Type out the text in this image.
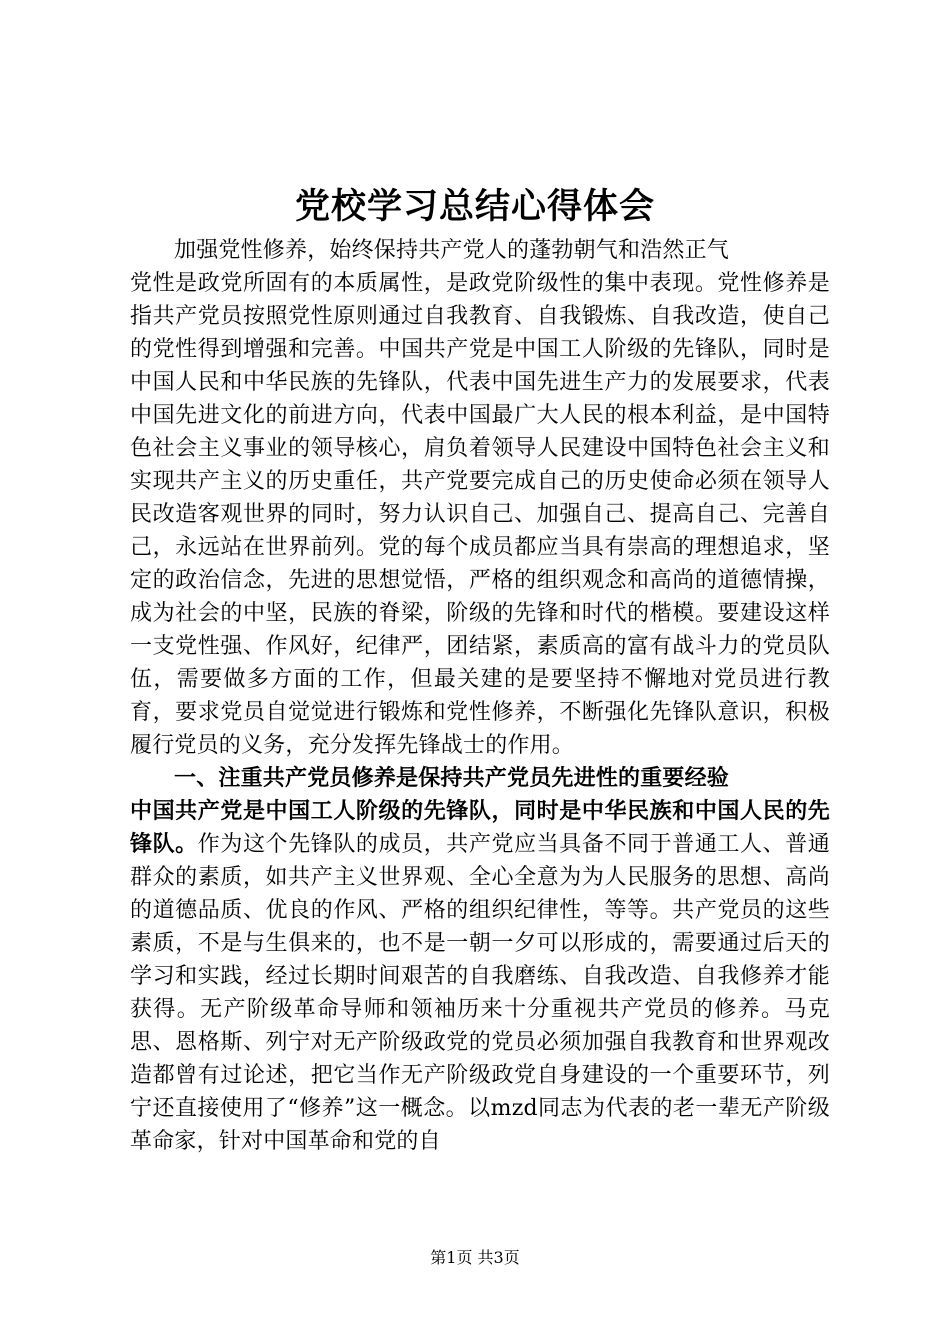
党校学习总结心得体会

加强党性修养，始终保持共产党人的蓬勃朝气和浩然正气

党性是政党所固有的本质属性，是政党阶级性的集中表现。党性修养是指共产党员按照党性原则通过自我教育、自我锻炼、自我改造，使自己的党性得到增强和完善。中国共产党是中国工人阶级的先锋队，同时是中国人民和中华民族的先锋队，代表中国先进生产力的发展要求，代表中国先进文化的前进方向，代表中国最广大人民的根本利益，是中国特色社会主义事业的领导核心，肩负着领导人民建设中国特色社会主义和实现共产主义的历史重任，共产党要完成自己的历史使命必须在领导人民改造客观世界的同时，努力认识自己、加强自己、提高自己、完善自己，永远站在世界前列。党的每个成员都应当具有崇高的理想追求，坚定的政治信念，先进的思想觉悟，严格的组织观念和高尚的道德情操，成为社会的中坚，民族的脊梁，阶级的先锋和时代的楷模。要建设这样一支党性强、作风好，纪律严，团结紧，素质高的富有战斗力的党员队伍，需要做多方面的工作，但最关建的是要坚持不懈地对党员进行教育，要求党员自觉觉进行锻炼和党性修养，不断强化先锋队意识，积极履行党员的义务，充分发挥先锋战士的作用。

一、注重共产党员修养是保持共产党员先进性的重要经验

中国共产党是中国工人阶级的先锋队，同时是中华民族和中国人民的先锋队。作为这个先锋队的成员，共产党应当具备不同于普通工人、普通群众的素质，如共产主义世界观、全心全意为为人民服务的思想、高尚的道德品质、优良的作风、严格的组织纪律性，等等。共产党员的这些素质，不是与生俱来的，也不是一朝一夕可以形成的，需要通过后天的学习和实践，经过长期时间艰苦的自我磨练、自我改造、自我修养才能获得。无产阶级革命导师和领袖历来十分重视共产党员的修养。马克思、恩格斯、列宁对无产阶级政党的党员必须加强自我教育和世界观改造都曾有过论述，把它当作无产阶级政党自身建设的一个重要环节，列宁还直接使用了“修养”这一概念。以mzd同志为代表的老一辈无产阶级革命家，针对中国革命和党的自

第1页 共3页
